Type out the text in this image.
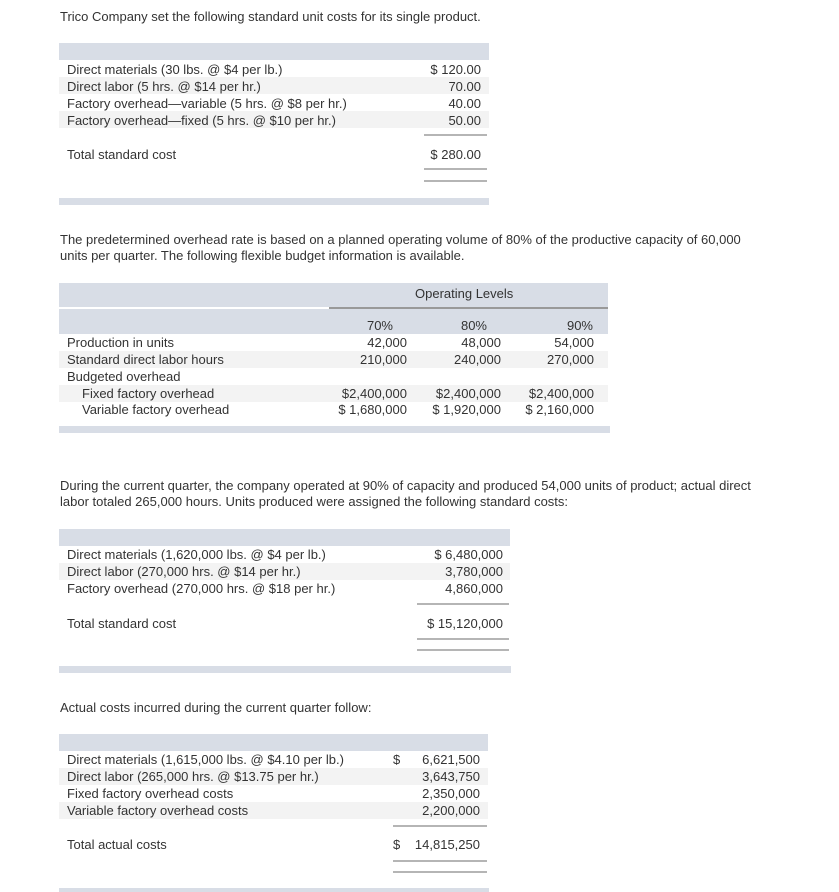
Trico Company set the following standard unit costs for its single product.
Direct materials (30 lbs. @ $4 per lb.)	$ 120.00
Direct labor (5 hrs. @ $14 per hr.)	70.00
Factory overhead—variable (5 hrs. @ $8 per hr.)	40.00
Factory overhead—fixed (5 hrs. @ $10 per hr.)	50.00
Total standard cost	$ 280.00
The predetermined overhead rate is based on a planned operating volume of 80% of the productive capacity of 60,000 units per quarter. The following flexible budget information is available.
Operating Levels
70%	80%	90%
Production in units	42,000	48,000	54,000
Standard direct labor hours	210,000	240,000	270,000
Budgeted overhead
Fixed factory overhead	$2,400,000 $2,400,000 $2,400,000
Variable factory overhead	$ 1,680,000 $ 1,920,000 $ 2,160,000
During the current quarter, the company operated at 90% of capacity and produced 54,000 units of product; actual direct labor totaled 265,000 hours. Units produced were assigned the following standard costs:
Direct materials (1,620,000 lbs. @ $4 per lb.)	$ 6,480,000
Direct labor (270,000 hrs. @ $14 per hr.)	3,780,000
Factory overhead (270,000 hrs. @ $18 per hr.)	4,860,000
Total standard cost	$ 15,120,000
Actual costs incurred during the current quarter follow:
Direct materials (1,615,000 lbs. @ $4.10 per lb.)	$ 6,621,500
Direct labor (265,000 hrs. @ $13.75 per hr.)	3,643,750
Fixed factory overhead costs	2,350,000
Variable factory overhead costs	2,200,000
Total actual costs	$ 14,815,250
